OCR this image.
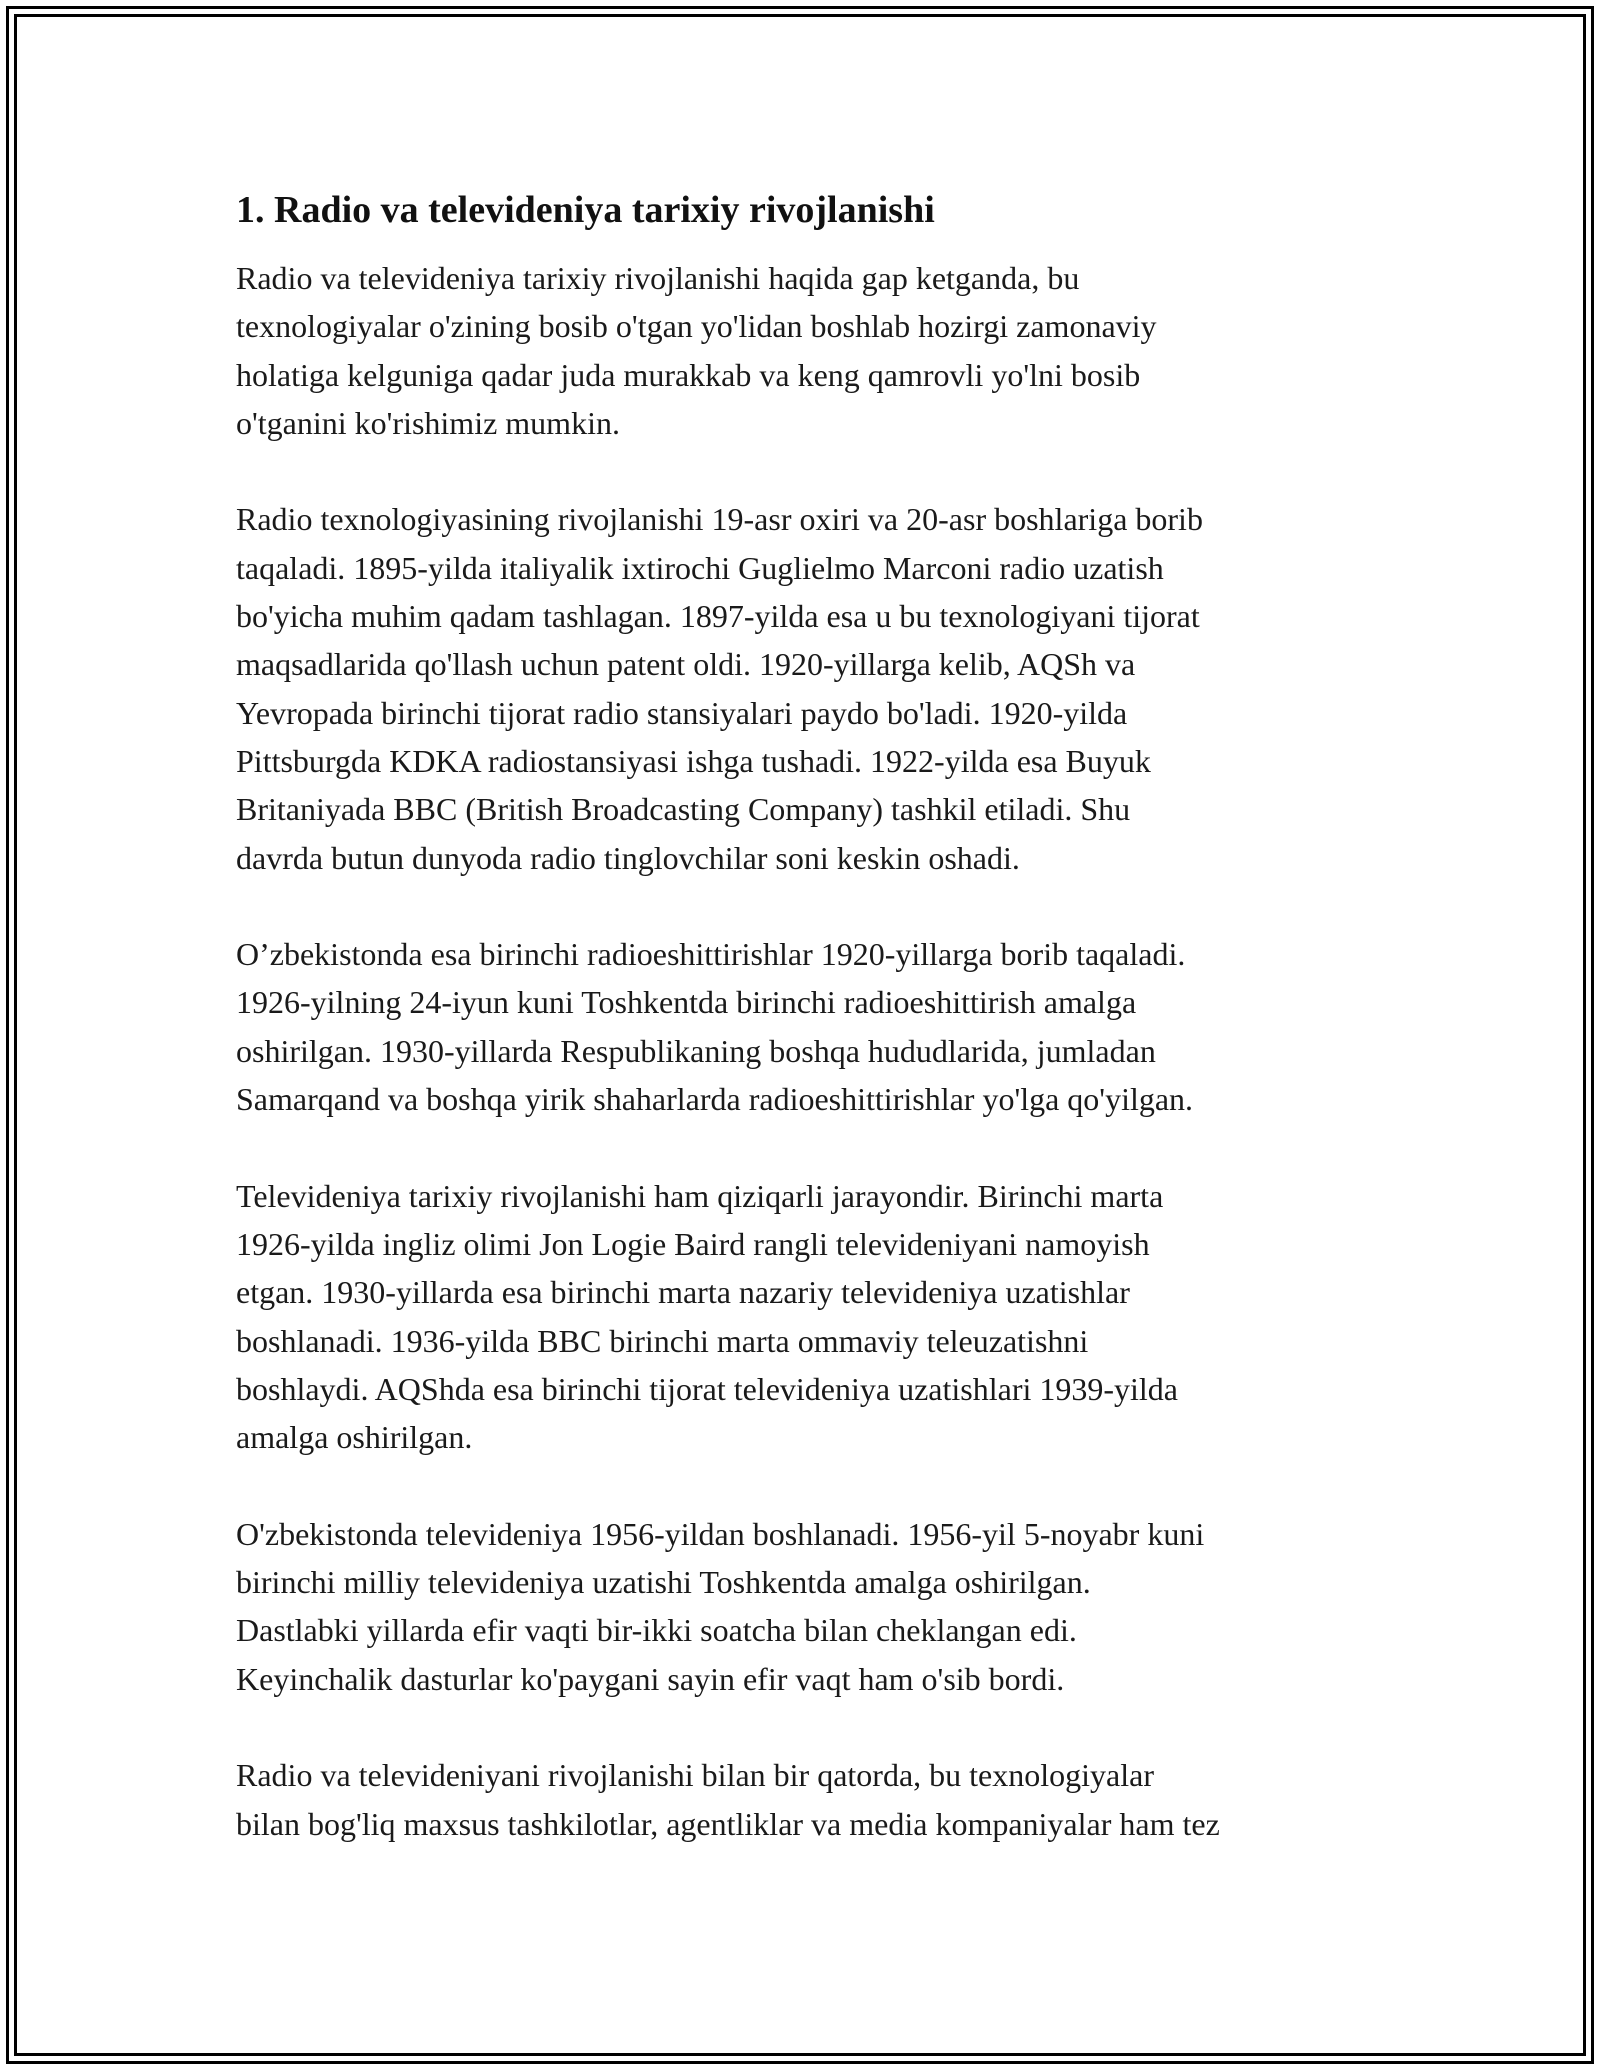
1. Radio va televideniya tarixiy rivojlanishi

Radio va televideniya tarixiy rivojlanishi haqida gap ketganda, bu
texnologiyalar o'zining bosib o'tgan yo'lidan boshlab hozirgi zamonaviy
holatiga kelguniga qadar juda murakkab va keng qamrovli yo'lni bosib
o'tganini ko'rishimiz mumkin.

Radio texnologiyasining rivojlanishi 19-asr oxiri va 20-asr boshlariga borib
taqaladi. 1895-yilda italiyalik ixtirochi Guglielmo Marconi radio uzatish
bo'yicha muhim qadam tashlagan. 1897-yilda esa u bu texnologiyani tijorat
maqsadlarida qo'llash uchun patent oldi. 1920-yillarga kelib, AQSh va
Yevropada birinchi tijorat radio stansiyalari paydo bo'ladi. 1920-yilda
Pittsburgda KDKA radiostansiyasi ishga tushadi. 1922-yilda esa Buyuk
Britaniyada BBC (British Broadcasting Company) tashkil etiladi. Shu
davrda butun dunyoda radio tinglovchilar soni keskin oshadi.

O’zbekistonda esa birinchi radioeshittirishlar 1920-yillarga borib taqaladi.
1926-yilning 24-iyun kuni Toshkentda birinchi radioeshittirish amalga
oshirilgan. 1930-yillarda Respublikaning boshqa hududlarida, jumladan
Samarqand va boshqa yirik shaharlarda radioeshittirishlar yo'lga qo'yilgan.

Televideniya tarixiy rivojlanishi ham qiziqarli jarayondir. Birinchi marta
1926-yilda ingliz olimi Jon Logie Baird rangli televideniyani namoyish
etgan. 1930-yillarda esa birinchi marta nazariy televideniya uzatishlar
boshlanadi. 1936-yilda BBC birinchi marta ommaviy teleuzatishni
boshlaydi. AQShda esa birinchi tijorat televideniya uzatishlari 1939-yilda
amalga oshirilgan.

O'zbekistonda televideniya 1956-yildan boshlanadi. 1956-yil 5-noyabr kuni
birinchi milliy televideniya uzatishi Toshkentda amalga oshirilgan.
Dastlabki yillarda efir vaqti bir-ikki soatcha bilan cheklangan edi.
Keyinchalik dasturlar ko'paygani sayin efir vaqt ham o'sib bordi.

Radio va televideniyani rivojlanishi bilan bir qatorda, bu texnologiyalar
bilan bog'liq maxsus tashkilotlar, agentliklar va media kompaniyalar ham tez
